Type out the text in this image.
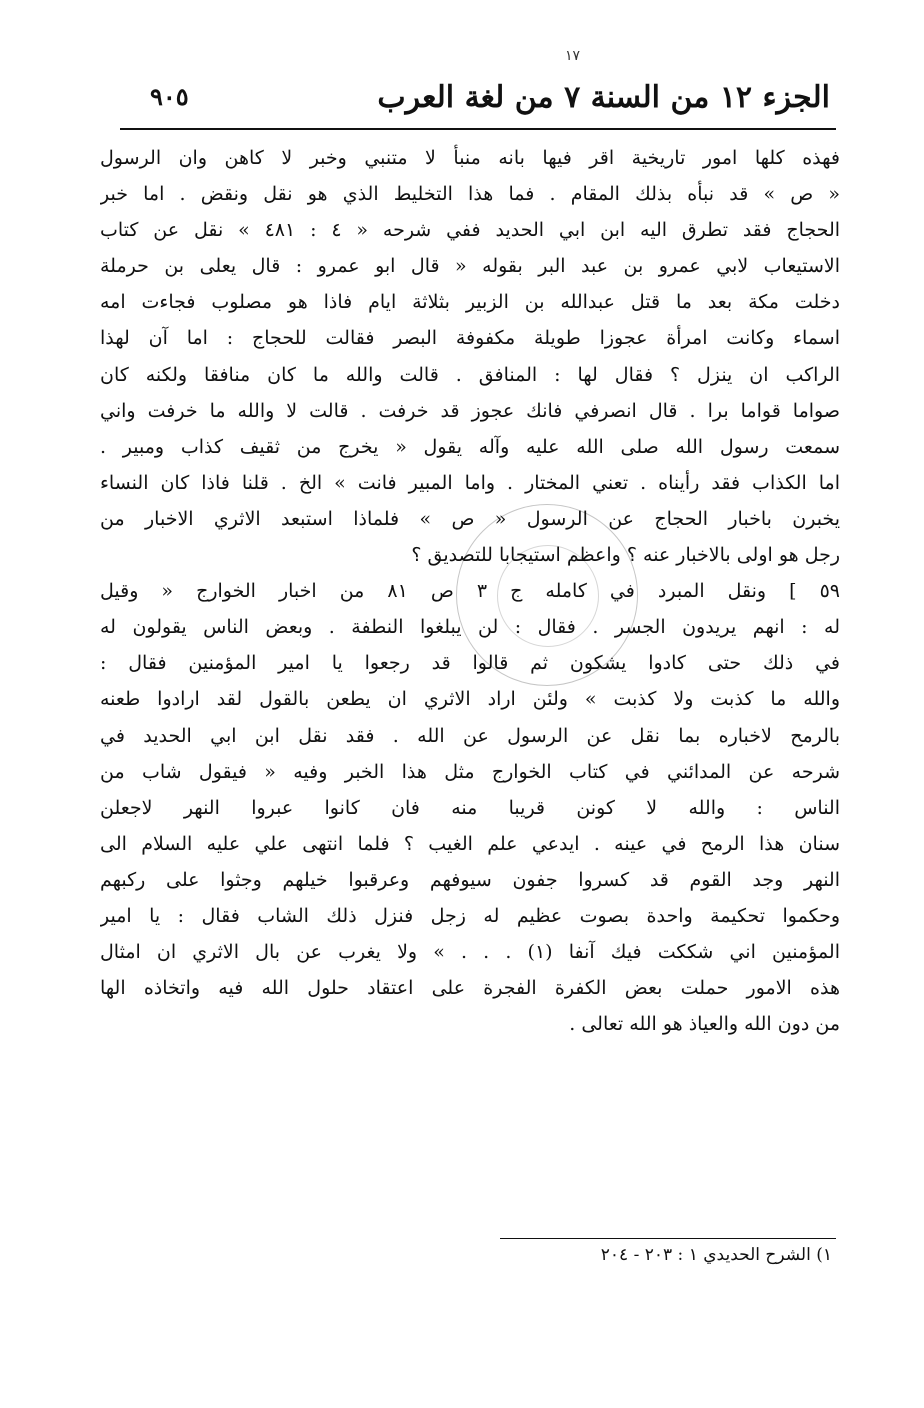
١٧
الجزء ١٢ من السنة ٧ من لغة العرب
٩٠٥
فهذه كلها امور تاريخية اقر فيها بانه منبأ لا متنبي وخبر لا كاهن وان الرسول
« ص » قد نبأه بذلك المقام . فما هذا التخليط الذي هو نقل ونقض . اما خبر
الحجاج فقد تطرق اليه ابن ابي الحديد ففي شرحه « ٤ : ٤٨١ » نقل عن كتاب
الاستيعاب لابي عمرو بن عبد البر بقوله « قال ابو عمرو : قال يعلى بن حرملة
دخلت مكة بعد ما قتل عبدالله بن الزبير بثلاثة ايام فاذا هو مصلوب فجاءت امه
اسماء وكانت امرأة عجوزا طويلة مكفوفة البصر فقالت للحجاج : اما آن لهذا
الراكب ان ينزل ؟ فقال لها : المنافق . قالت والله ما كان منافقا ولكنه كان
صواما قواما برا . قال انصرفي فانك عجوز قد خرفت . قالت لا والله ما خرفت واني
سمعت رسول الله صلى الله عليه وآله يقول « يخرج من ثقيف كذاب ومبير .
اما الكذاب فقد رأيناه . تعني المختار . واما المبير فانت » الخ . قلنا فاذا كان النساء
يخبرن باخبار الحجاج عن الرسول « ص » فلماذا استبعد الاثري الاخبار من
رجل هو اولى بالاخبار عنه ؟ واعظم استيجابا للتصديق ؟
٥٩ ] ونقل المبرد في كامله ج ٣ ص ٨١ من اخبار الخوارج « وقيل
له : انهم يريدون الجسر . فقال : لن يبلغوا النطفة . وبعض الناس يقولون له
في ذلك حتى كادوا يشكون ثم قالوا قد رجعوا يا امير المؤمنين فقال :
والله ما كذبت ولا كذبت » ولئن اراد الاثري ان يطعن بالقول لقد ارادوا طعنه
بالرمح لاخباره بما نقل عن الرسول عن الله . فقد نقل ابن ابي الحديد في
شرحه عن المدائني في كتاب الخوارج مثل هذا الخبر وفيه « فيقول شاب من
الناس : والله لا كونن قريبا منه فان كانوا عبروا النهر لاجعلن
سنان هذا الرمح في عينه . ايدعي علم الغيب ؟ فلما انتهى علي عليه السلام الى
النهر وجد القوم قد كسروا جفون سيوفهم وعرقبوا خيلهم وجثوا على ركبهم
وحكموا تحكيمة واحدة بصوت عظيم له زجل فنزل ذلك الشاب فقال : يا امير
المؤمنين اني شككت فيك آنفا (١) . . . » ولا يغرب عن بال الاثري ان امثال
هذه الامور حملت بعض الكفرة الفجرة على اعتقاد حلول الله فيه واتخاذه الها
من دون الله والعياذ هو الله تعالى .
١) الشرح الحديدي ١ : ٢٠٣ - ٢٠٤
